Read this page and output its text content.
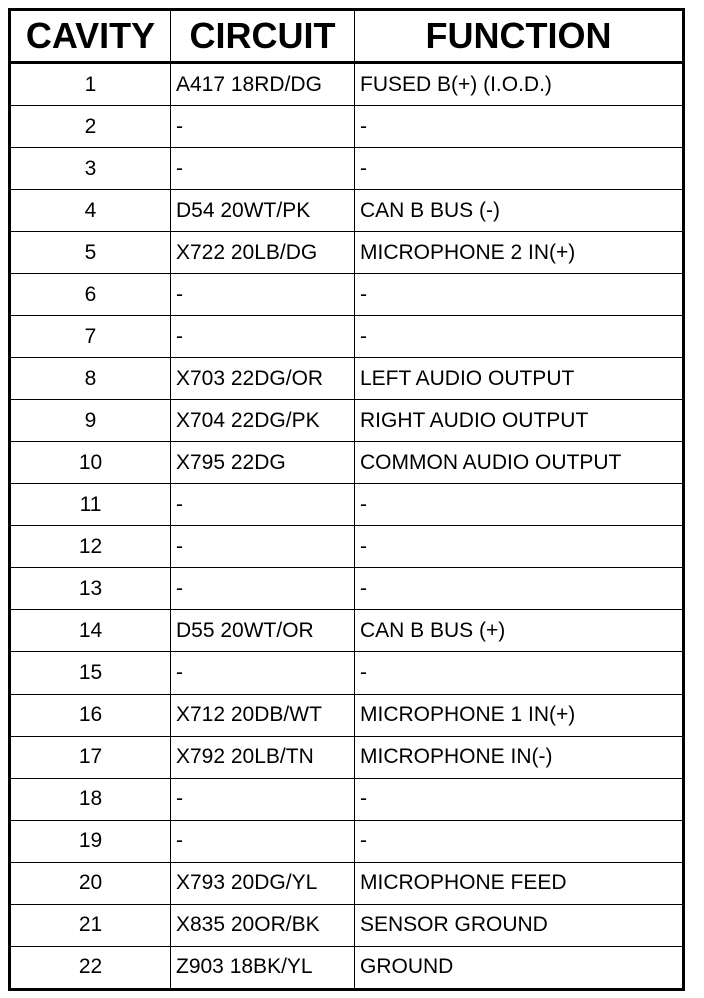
CAVITY	CIRCUIT	FUNCTION
1	A417 18RD/DG	FUSED B(+) (I.O.D.)
2	-	-
3	-	-
4	D54 20WT/PK	CAN B BUS (-)
5	X722 20LB/DG	MICROPHONE 2 IN(+)
6	-	-
7	-	-
8	X703 22DG/OR	LEFT AUDIO OUTPUT
9	X704 22DG/PK	RIGHT AUDIO OUTPUT
10	X795 22DG	COMMON AUDIO OUTPUT
11	-	-
12	-	-
13	-	-
14	D55 20WT/OR	CAN B BUS (+)
15	-	-
16	X712 20DB/WT	MICROPHONE 1 IN(+)
17	X792 20LB/TN	MICROPHONE IN(-)
18	-	-
19	-	-
20	X793 20DG/YL	MICROPHONE FEED
21	X835 20OR/BK	SENSOR GROUND
22	Z903 18BK/YL	GROUND
